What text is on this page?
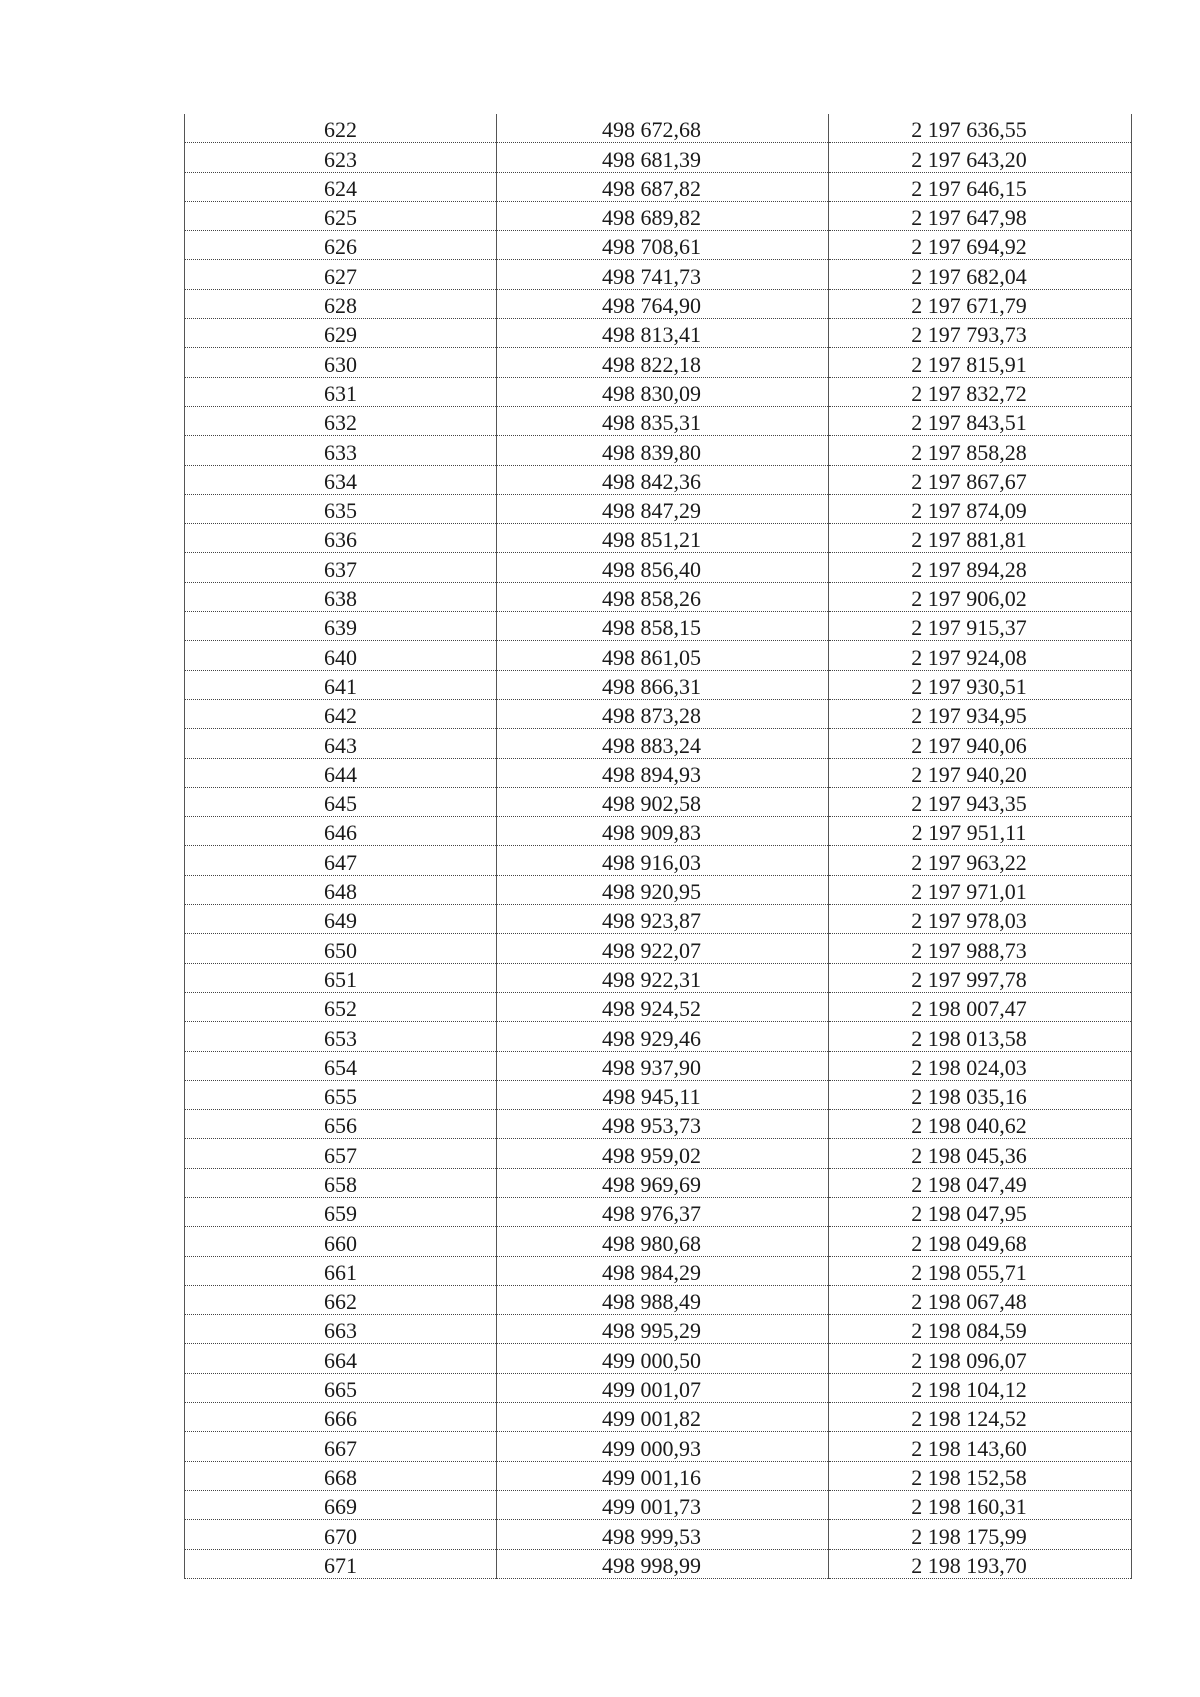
622	498 672,68	2 197 636,55
623	498 681,39	2 197 643,20
624	498 687,82	2 197 646,15
625	498 689,82	2 197 647,98
626	498 708,61	2 197 694,92
627	498 741,73	2 197 682,04
628	498 764,90	2 197 671,79
629	498 813,41	2 197 793,73
630	498 822,18	2 197 815,91
631	498 830,09	2 197 832,72
632	498 835,31	2 197 843,51
633	498 839,80	2 197 858,28
634	498 842,36	2 197 867,67
635	498 847,29	2 197 874,09
636	498 851,21	2 197 881,81
637	498 856,40	2 197 894,28
638	498 858,26	2 197 906,02
639	498 858,15	2 197 915,37
640	498 861,05	2 197 924,08
641	498 866,31	2 197 930,51
642	498 873,28	2 197 934,95
643	498 883,24	2 197 940,06
644	498 894,93	2 197 940,20
645	498 902,58	2 197 943,35
646	498 909,83	2 197 951,11
647	498 916,03	2 197 963,22
648	498 920,95	2 197 971,01
649	498 923,87	2 197 978,03
650	498 922,07	2 197 988,73
651	498 922,31	2 197 997,78
652	498 924,52	2 198 007,47
653	498 929,46	2 198 013,58
654	498 937,90	2 198 024,03
655	498 945,11	2 198 035,16
656	498 953,73	2 198 040,62
657	498 959,02	2 198 045,36
658	498 969,69	2 198 047,49
659	498 976,37	2 198 047,95
660	498 980,68	2 198 049,68
661	498 984,29	2 198 055,71
662	498 988,49	2 198 067,48
663	498 995,29	2 198 084,59
664	499 000,50	2 198 096,07
665	499 001,07	2 198 104,12
666	499 001,82	2 198 124,52
667	499 000,93	2 198 143,60
668	499 001,16	2 198 152,58
669	499 001,73	2 198 160,31
670	498 999,53	2 198 175,99
671	498 998,99	2 198 193,70
